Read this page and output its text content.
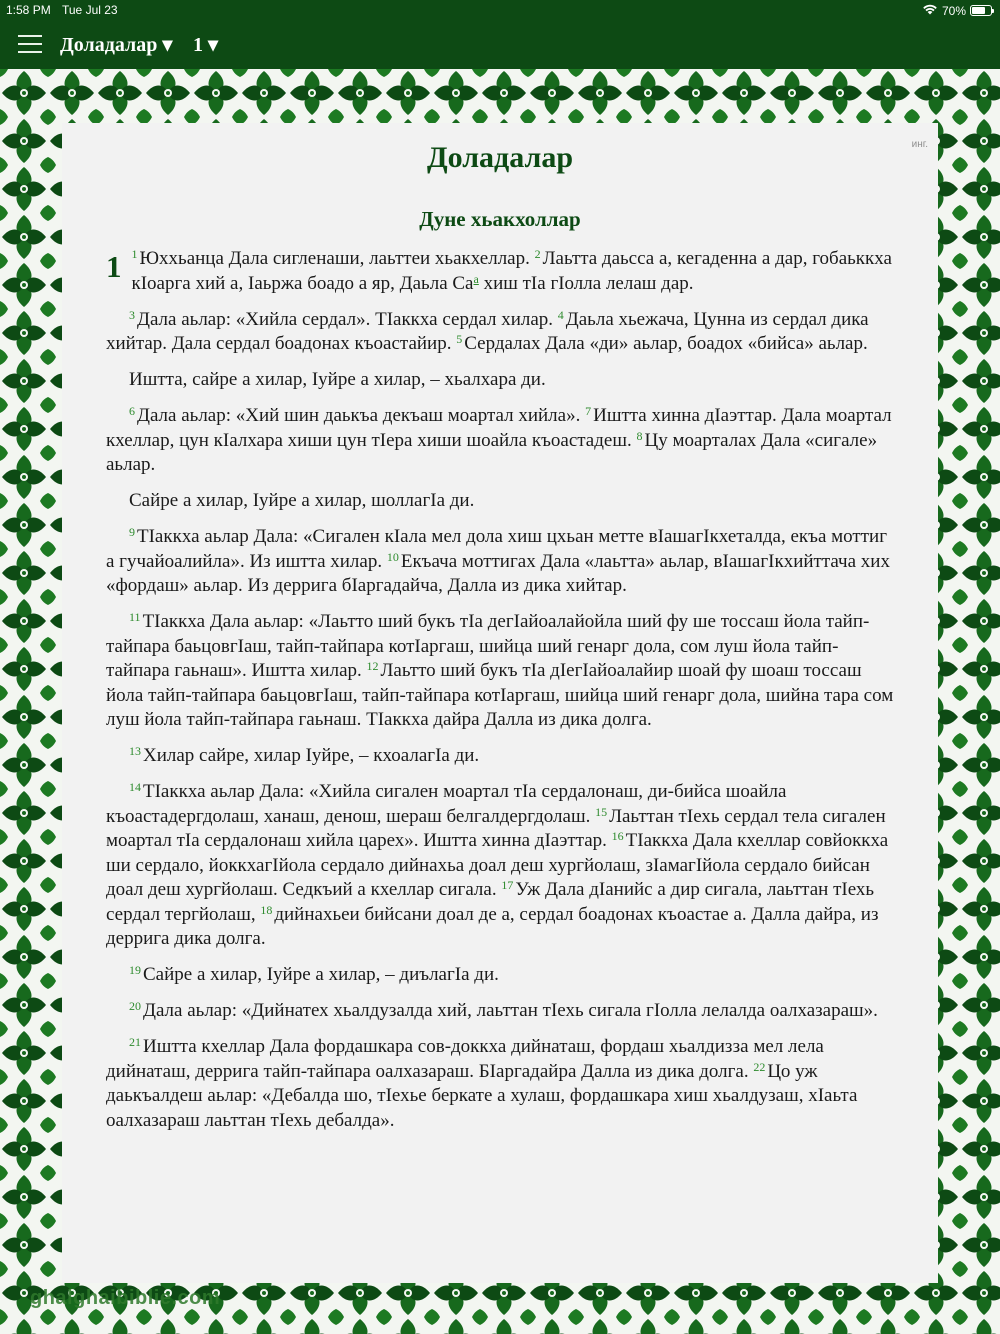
1:58 PM Tue Jul 23	70%
Доладалар ▾ 1 ▾
инг.
Доладалар
Дуне хьакхоллар

1 $^1$ Юххьанца Дала сигленаши, лаьттеи хьакхеллар. $^2$ Лаьтта даьсса а, кегаденна а дар, гобаьккха кӀоарга хий а, Іаьржа боадо а яр, Даьла Са$^a$ хиш тӀа гӀолла лелаш дар.

$^3$ Дала аьлар: «Хийла сердал». ТӀаккха сердал хилар. $^4$ Даьла хьежача, Цунна из сердал дика хийтар. Дала сердал боадонах къоастайир. $^5$ Сердалах Дала «ди» аьлар, боадох «бийса» аьлар.

Иштта, сайре а хилар, Іуйре а хилар, – хьалхара ди.

$^6$ Дала аьлар: «Хий шин даькъа декъаш моартал хийла». $^7$ Иштта хинна дӀаэттар. Дала моартал кхеллар, цун кӀалхара хиши цун тӀера хиши шоайла къоастадеш. $^8$ Цу моарталах Дала «сигале» аьлар.

Сайре а хилар, Іуйре а хилар, шоллагІа ди.

$^9$ ТӀаккха аьлар Дала: «Сигален кӀала мел дола хиш цхьан метте вӀашагӀкхеталда, екъа моттиг а гучайоалийла». Из иштта хилар. $^{10}$ Екъача моттигах Дала «лаьтта» аьлар, вӀашагӀкхийттача хих «фордаш» аьлар. Из деррига бӀаргадайча, Далла из дика хийтар.

$^{11}$ ТӀаккха Дала аьлар: «Лаьтто ший букъ тӀа дегӀайоалайойла ший фу ше тоссаш йола тайп-тайпара баьцовгӀаш, тайп-тайпара котӀаргаш, шийца ший генарг дола, сом луш йола тайп-тайпара гаьнаш». Иштта хилар. $^{12}$ Лаьтто ший букъ тӀа дӀегӀайоалайир шоай фу шоаш тоссаш йола тайп-тайпара баьцовгӀаш, тайп-тайпара котӀаргаш, шийца ший генарг дола, шийна тара сом луш йола тайп-тайпара гаьнаш. ТӀаккха дайра Далла из дика долга.

$^{13}$ Хилар сайре, хилар Іуйре, – кхоалагІа ди.

$^{14}$ ТӀаккха аьлар Дала: «Хийла сигален моартал тӀа сердалонаш, ди-бийса шоайла къоастадергдолаш, ханаш, денош, шераш белгалдергдолаш. $^{15}$ Лаьттан тӀехь сердал тела сигален моартал тӀа сердалонаш хийла царех». Иштта хинна дӀаэттар. $^{16}$ ТӀаккха Дала кхеллар совйоккха ши сердало, йоккхагІйола сердало дийнахьа доал деш хургйолаш, зӀамагІйола сердало бийсан доал деш хургйолаш. Седкъий а кхеллар сигала. $^{17}$ Уж Дала дӀанийс а дир сигала, лаьттан тӀехь сердал тергйолаш, $^{18}$ дийнахьеи бийсани доал де а, сердал боадонах къоастае а. Далла дайра, из деррига дика долга.

$^{19}$ Сайре а хилар, Іуйре а хилар, – диълагІа ди.

$^{20}$ Дала аьлар: «Дийнатех хьалдузалда хий, лаьттан тӀехь сигала гӀолла лелалда оалхазараш».

$^{21}$ Иштта кхеллар Дала фордашкара сов-доккха дийнаташ, фордаш хьалдизза мел лела дийнаташ, деррига тайп-тайпара оалхазараш. БӀаргадайра Далла из дика долга. $^{22}$ Цо уж даькъалдеш аьлар: «Дебалда шо, тӀехье беркате а хулаш, фордашкара хиш хьалдузаш, хӀаьта оалхазараш лаьттан тӀехь дебалда».

ghalghaibiblie.com
